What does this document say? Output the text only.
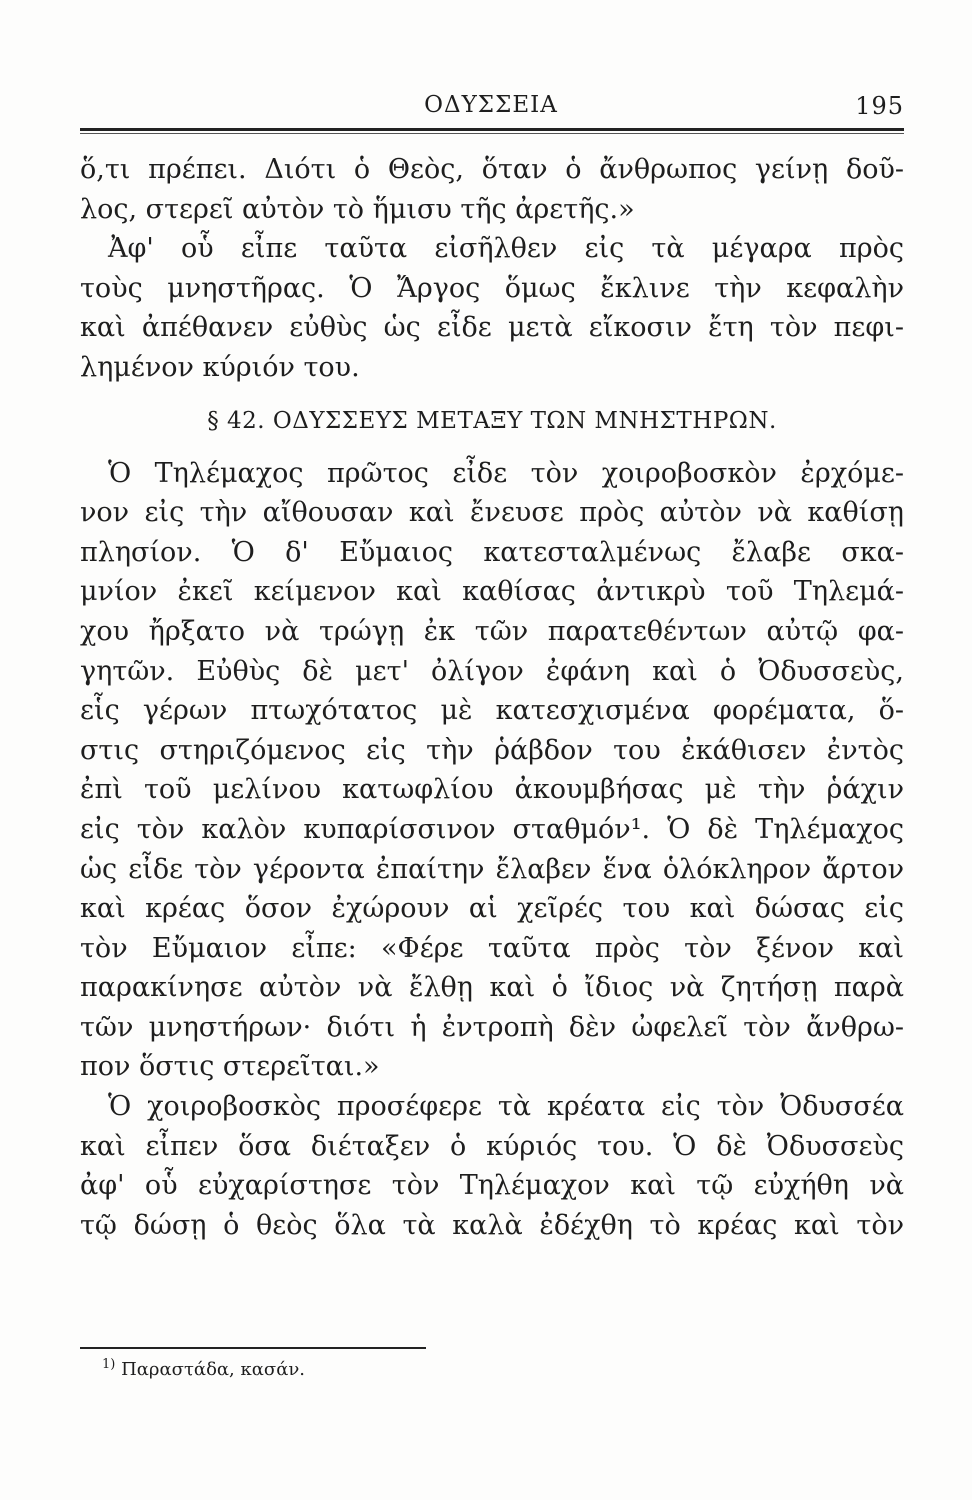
ΟΔΥΣΣΕΙΑ	195
ὅ,τι πρέπει. Διότι ὁ Θεὸς, ὅταν ὁ ἄνθρωπος γείνῃ δοῦ-
λος, στερεῖ αὐτὸν τὸ ἥμισυ τῆς ἀρετῆς.»
Ἀφ' οὗ εἶπε ταῦτα εἰσῆλθεν εἰς τὰ μέγαρα πρὸς
τοὺς μνηστῆρας. Ὁ Ἄργος ὅμως ἔκλινε τὴν κεφαλὴν
καὶ ἀπέθανεν εὐθὺς ὡς εἶδε μετὰ εἴκοσιν ἔτη τὸν πεφι-
λημένον κύριόν του.
§ 42. ΟΔΥΣΣΕΥΣ ΜΕΤΑΞΥ ΤΩΝ ΜΝΗΣΤΗΡΩΝ.
Ὁ Τηλέμαχος πρῶτος εἶδε τὸν χοιροβοσκὸν ἐρχόμε-
νον εἰς τὴν αἴθουσαν καὶ ἔνευσε πρὸς αὐτὸν νὰ καθίσῃ
πλησίον. Ὁ δ' Εὔμαιος κατεσταλμένως ἔλαβε σκα-
μνίον ἐκεῖ κείμενον καὶ καθίσας ἀντικρὺ τοῦ Τηλεμά-
χου ἤρξατο νὰ τρώγῃ ἐκ τῶν παρατεθέντων αὐτῷ φα-
γητῶν. Εὐθὺς δὲ μετ' ὀλίγον ἐφάνη καὶ ὁ Ὀδυσσεὺς,
εἷς γέρων πτωχότατος μὲ κατεσχισμένα φορέματα, ὅ-
στις στηριζόμενος εἰς τὴν ῥάβδον του ἐκάθισεν ἐντὸς
ἐπὶ τοῦ μελίνου κατωφλίου ἀκουμβήσας μὲ τὴν ῥάχιν
εἰς τὸν καλὸν κυπαρίσσινον σταθμόν¹. Ὁ δὲ Τηλέμαχος
ὡς εἶδε τὸν γέροντα ἐπαίτην ἔλαβεν ἕνα ὁλόκληρον ἄρτον
καὶ κρέας ὅσον ἐχώρουν αἱ χεῖρές του καὶ δώσας εἰς
τὸν Εὔμαιον εἶπε: «Φέρε ταῦτα πρὸς τὸν ξένον καὶ
παρακίνησε αὐτὸν νὰ ἔλθῃ καὶ ὁ ἴδιος νὰ ζητήσῃ παρὰ
τῶν μνηστήρων· διότι ἡ ἐντροπὴ δὲν ὠφελεῖ τὸν ἄνθρω-
πον ὅστις στερεῖται.»
Ὁ χοιροβοσκὸς προσέφερε τὰ κρέατα εἰς τὸν Ὀδυσσέα
καὶ εἶπεν ὅσα διέταξεν ὁ κύριός του. Ὁ δὲ Ὀδυσσεὺς
ἀφ' οὗ εὐχαρίστησε τὸν Τηλέμαχον καὶ τῷ εὐχήθη νὰ
τῷ δώσῃ ὁ θεὸς ὅλα τὰ καλὰ ἐδέχθη τὸ κρέας καὶ τὸν
$^{1)}$ Παραστάδα, κασάν.
